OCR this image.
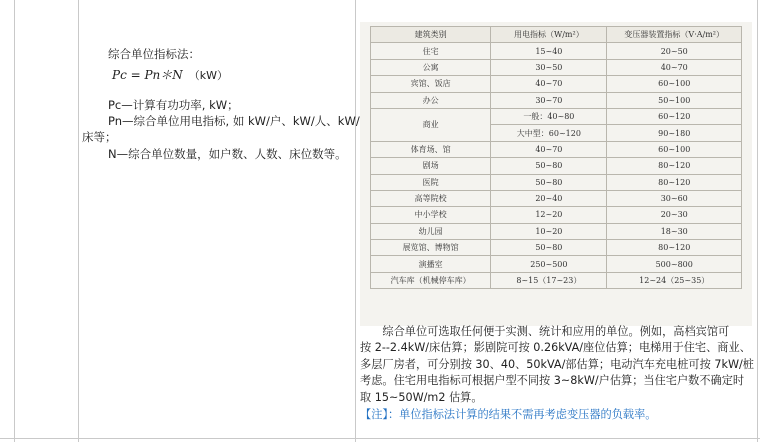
综合单位指标法：
Pc = Pn＊N （kW）
Pc—计算有功功率, kW；
Pn—综合单位用电指标, 如 kW/户、kW/人、kW/
床等；
N—综合单位数量，如户数、人数、床位数等。
建筑类别	用电指标（W/m²）	变压器装置指标（V·A/m²）
住宅	15~40	20~50
公寓	30~50	40~70
宾馆、饭店	40~70	60~100
办公	30~70	50~100
商业	一般：40~80	60~120
	大中型：60~120	90~180
体育场、馆	40~70	60~100
剧场	50~80	80~120
医院	50~80	80~120
高等院校	20~40	30~60
中小学校	12~20	20~30
幼儿园	10~20	18~30
展览馆、博物馆	50~80	80~120
演播室	250~500	500~800
汽车库（机械停车库）	8~15（17~23）	12~24（25~35）

　　综合单位可选取任何便于实测、统计和应用的单位。例如，高档宾馆可

按 2--2.4kW/床估算；影剧院可按 0.26kVA/座位估算；电梯用于住宅、商业、

多层厂房者，可分别按 30、40、50kVA/部估算；电动汽车充电桩可按 7kW/桩

考虑。住宅用电指标可根据户型不同按 3~8kW/户估算；当住宅户数不确定时

取 15~50W/m2 估算。

【注】：单位指标法计算的结果不需再考虑变压器的负载率。
